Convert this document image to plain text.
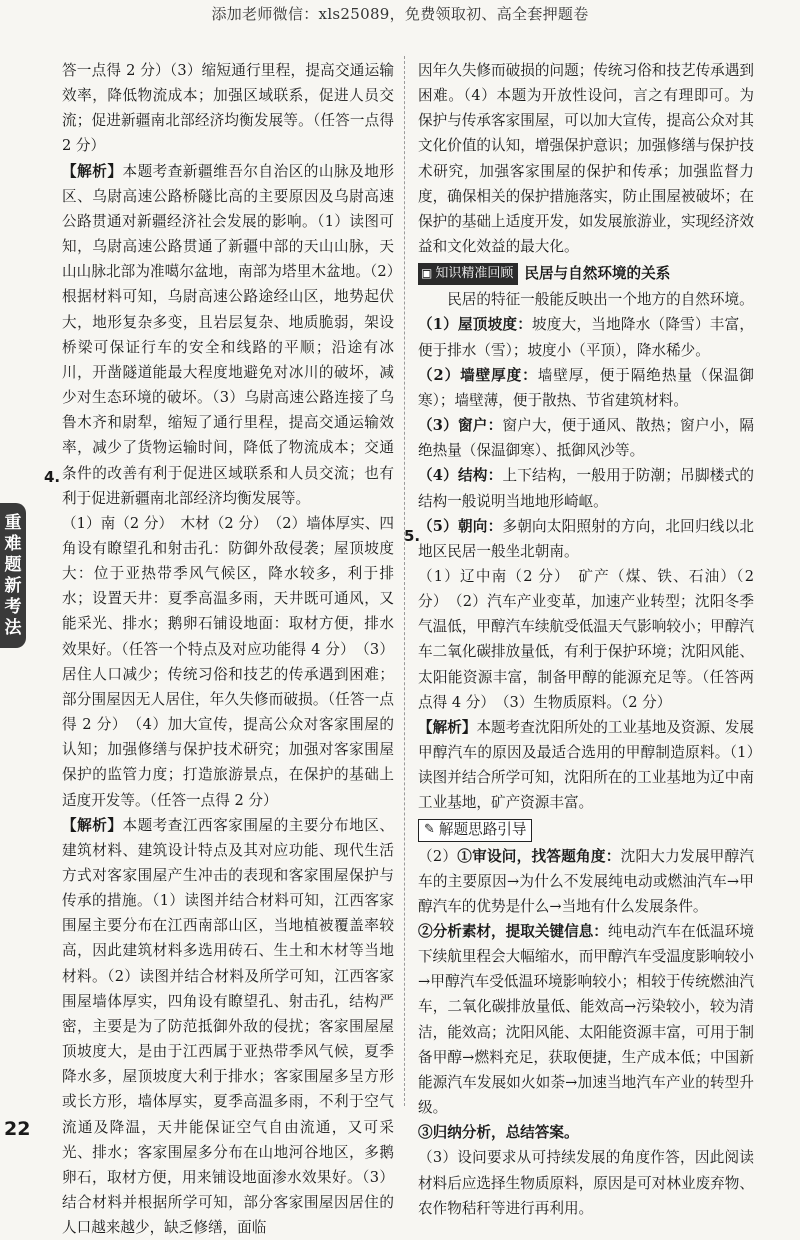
添加老师微信：xls25089，免费领取初、高全套押题卷
重
难
题
新
考
法

答一点得 2 分）（3）缩短通行里程，提高交通运输效率，降低物流成本；加强区域联系，促进人员交流；促进新疆南北部经济均衡发展等。（任答一点得 2 分）

【解析】本题考查新疆维吾尔自治区的山脉及地形区、乌尉高速公路桥隧比高的主要原因及乌尉高速公路贯通对新疆经济社会发展的影响。（1）读图可知，乌尉高速公路贯通了新疆中部的天山山脉，天山山脉北部为准噶尔盆地，南部为塔里木盆地。（2）根据材料可知，乌尉高速公路途经山区，地势起伏大，地形复杂多变，且岩层复杂、地质脆弱，架设桥梁可保证行车的安全和线路的平顺；沿途有冰川，开凿隧道能最大程度地避免对冰川的破坏，减少对生态环境的破坏。（3）乌尉高速公路连接了乌鲁木齐和尉犁，缩短了通行里程，提高交通运输效率，减少了货物运输时间，降低了物流成本；交通条件的改善有利于促进区域联系和人员交流；也有利于促进新疆南北部经济均衡发展等。

（1）南（2 分）　木材（2 分）　（2）墙体厚实、四角设有瞭望孔和射击孔：防御外敌侵袭；屋顶坡度大：位于亚热带季风气候区，降水较多，利于排水；设置天井：夏季高温多雨，天井既可通风，又能采光、排水；鹅卵石铺设地面：取材方便，排水效果好。（任答一个特点及对应功能得 4 分）　（3）居住人口减少；传统习俗和技艺的传承遇到困难；部分围屋因无人居住，年久失修而破损。（任答一点得 2 分）　（4）加大宣传，提高公众对客家围屋的认知；加强修缮与保护技术研究；加强对客家围屋保护的监管力度；打造旅游景点，在保护的基础上适度开发等。（任答一点得 2 分）

【解析】本题考查江西客家围屋的主要分布地区、建筑材料、建筑设计特点及其对应功能、现代生活方式对客家围屋产生冲击的表现和客家围屋保护与传承的措施。（1）读图并结合材料可知，江西客家围屋主要分布在江西南部山区，当地植被覆盖率较高，因此建筑材料多选用砖石、生土和木材等当地材料。（2）读图并结合材料及所学可知，江西客家围屋墙体厚实，四角设有瞭望孔、射击孔，结构严密，主要是为了防范抵御外敌的侵扰；客家围屋屋顶坡度大，是由于江西属于亚热带季风气候，夏季降水多，屋顶坡度大利于排水；客家围屋多呈方形或长方形，墙体厚实，夏季高温多雨，不利于空气流通及降温，天井能保证空气自由流通，又可采光、排水；客家围屋多分布在山地河谷地区，多鹅卵石，取材方便，用来铺设地面渗水效果好。（3）结合材料并根据所学可知，部分客家围屋因居住的人口越来越少，缺乏修缮，面临

4.

因年久失修而破损的问题；传统习俗和技艺传承遇到困难。（4）本题为开放性设问，言之有理即可。为保护与传承客家围屋，可以加大宣传，提高公众对其文化价值的认知，增强保护意识；加强修缮与保护技术研究，加强客家围屋的保护和传承；加强监督力度，确保相关的保护措施落实，防止围屋被破坏；在保护的基础上适度开发，如发展旅游业，实现经济效益和文化效益的最大化。

▣ 知识精准回顾 民居与自然环境的关系

民居的特征一般能反映出一个地方的自然环境。

（1）屋顶坡度：坡度大，当地降水（降雪）丰富，便于排水（雪）；坡度小（平顶），降水稀少。

（2）墙壁厚度：墙壁厚，便于隔绝热量（保温御寒）；墙壁薄，便于散热、节省建筑材料。

（3）窗户：窗户大，便于通风、散热；窗户小，隔绝热量（保温御寒）、抵御风沙等。

（4）结构：上下结构，一般用于防潮；吊脚楼式的结构一般说明当地地形崎岖。

（5）朝向：多朝向太阳照射的方向，北回归线以北地区民居一般坐北朝南。

（1）辽中南（2 分）　矿产（煤、铁、石油）（2 分）　（2）汽车产业变革，加速产业转型；沈阳冬季气温低，甲醇汽车续航受低温天气影响较小；甲醇汽车二氧化碳排放量低，有利于保护环境；沈阳风能、太阳能资源丰富，制备甲醇的能源充足等。（任答两点得 4 分）　（3）生物质原料。（2 分）

【解析】本题考查沈阳所处的工业基地及资源、发展甲醇汽车的原因及最适合选用的甲醇制造原料。（1）读图并结合所学可知，沈阳所在的工业基地为辽中南工业基地，矿产资源丰富。

✎ 解题思路引导

（2）①审设问，找答题角度：沈阳大力发展甲醇汽车的主要原因→为什么不发展纯电动或燃油汽车→甲醇汽车的优势是什么→当地有什么发展条件。

②分析素材，提取关键信息：纯电动汽车在低温环境下续航里程会大幅缩水，而甲醇汽车受温度影响较小→甲醇汽车受低温环境影响较小；相较于传统燃油汽车，二氧化碳排放量低、能效高→污染较小，较为清洁，能效高；沈阳风能、太阳能资源丰富，可用于制备甲醇→燃料充足，获取便捷，生产成本低；中国新能源汽车发展如火如荼→加速当地汽车产业的转型升级。

③归纳分析，总结答案。

（3）设问要求从可持续发展的角度作答，因此阅读材料后应选择生物质原料，原因是可对林业废弃物、农作物秸秆等进行再利用。

5.
22
